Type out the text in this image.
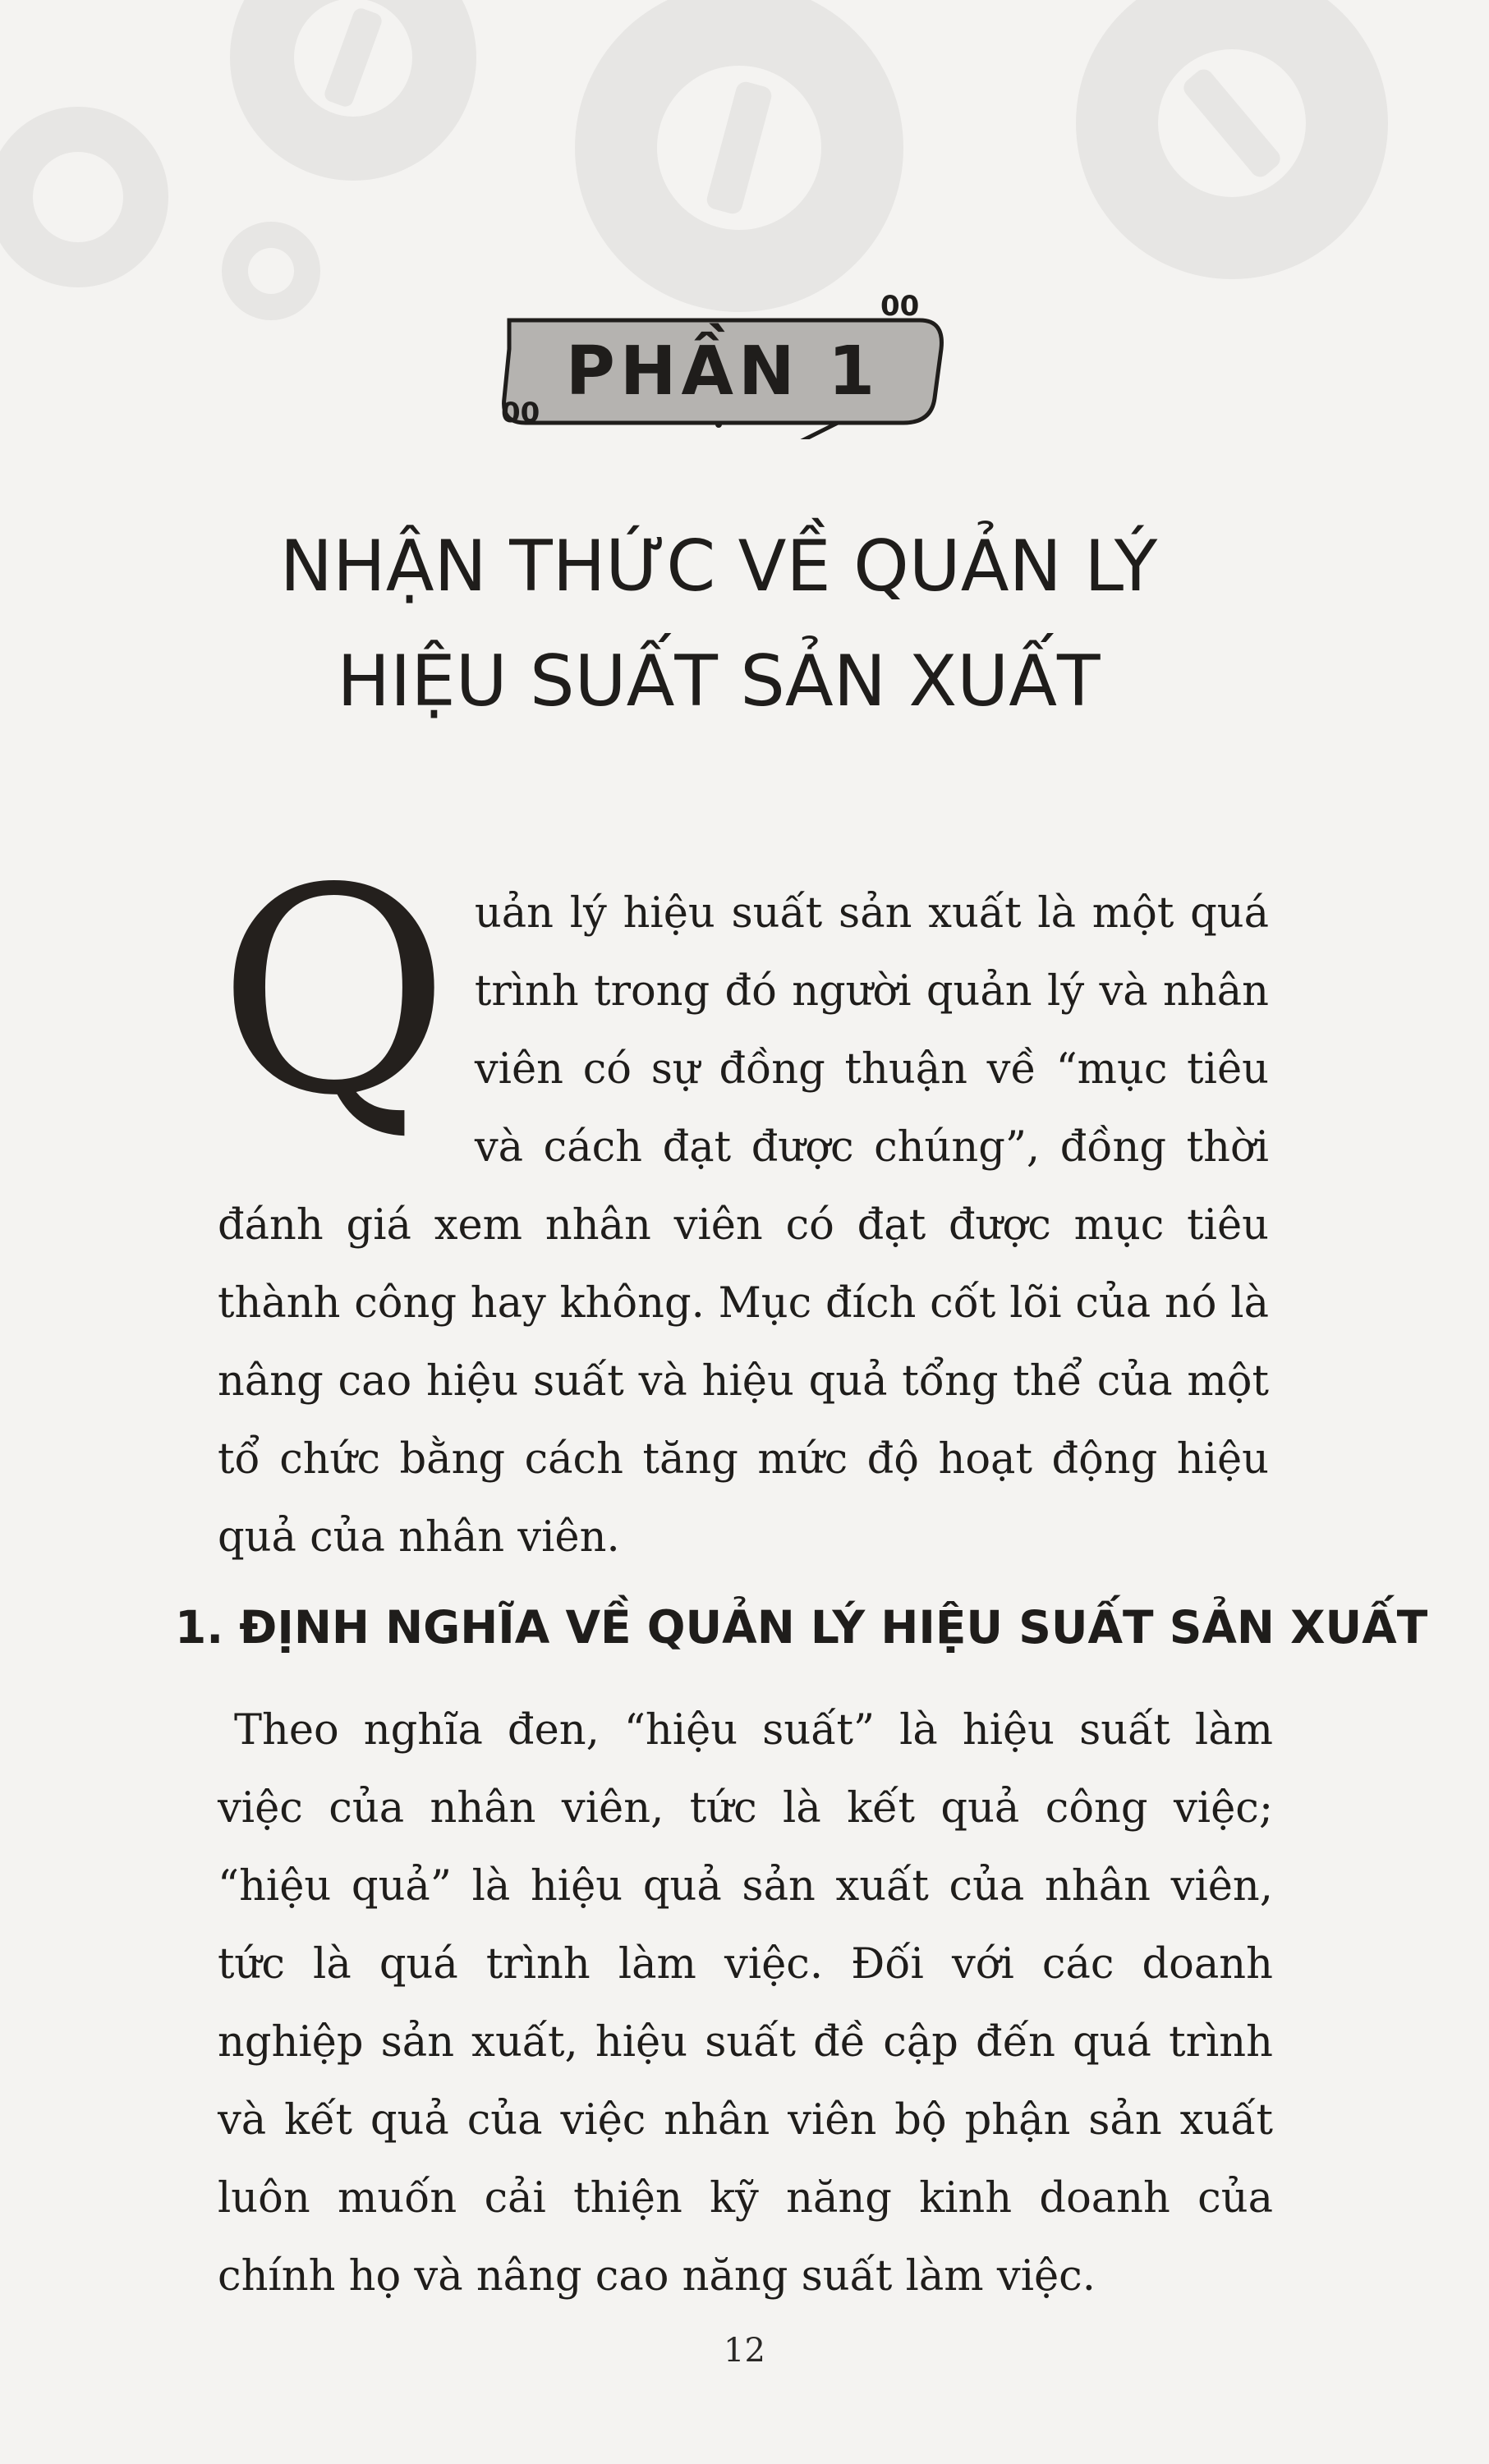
PHẦN 1
00
00
NHẬN THỨC VỀ QUẢN LÝ
HIỆU SUẤT SẢN XUẤT

Quản lý hiệu suất sản xuất là một quá trình trong đó người quản lý và nhân viên có sự đồng thuận về “mục tiêu và cách đạt được chúng”, đồng thời đánh giá xem nhân viên có đạt được mục tiêu thành công hay không. Mục đích cốt lõi của nó là nâng cao hiệu suất và hiệu quả tổng thể của một tổ chức bằng cách tăng mức độ hoạt động hiệu quả của nhân viên.

1. ĐỊNH NGHĨA VỀ QUẢN LÝ HIỆU SUẤT SẢN XUẤT

Theo nghĩa đen, “hiệu suất” là hiệu suất làm việc của nhân viên, tức là kết quả công việc; “hiệu quả” là hiệu quả sản xuất của nhân viên, tức là quá trình làm việc. Đối với các doanh nghiệp sản xuất, hiệu suất đề cập đến quá trình và kết quả của việc nhân viên bộ phận sản xuất luôn muốn cải thiện kỹ năng kinh doanh của chính họ và nâng cao năng suất làm việc.

12
